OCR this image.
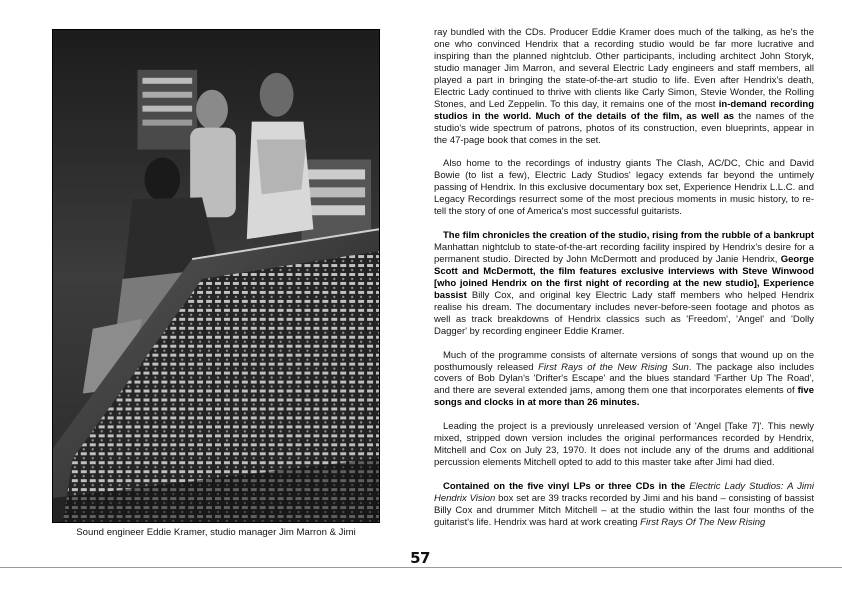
Sound engineer Eddie Kramer, studio manager Jim Marron & Jimi

ray bundled with the CDs. Producer Eddie Kramer does much of the talking, as he's the one who convinced Hendrix that a recording studio would be far more lucrative and inspiring than the planned nightclub. Other participants, including architect John Storyk, studio manager Jim Marron, and several Electric Lady engineers and staff members, all played a part in bringing the state-of-the-art studio to life. Even after Hendrix's death, Electric Lady continued to thrive with clients like Carly Simon, Stevie Wonder, the Rolling Stones, and Led Zeppelin. To this day, it remains one of the most in-demand recording studios in the world. Much of the details of the film, as well as the names of the studio's wide spectrum of patrons, photos of its construction, even blueprints, appear in the 47-page book that comes in the set.

Also home to the recordings of industry giants The Clash, AC/DC, Chic and David Bowie (to list a few), Electric Lady Studios' legacy extends far beyond the untimely passing of Hendrix. In this exclusive documentary box set, Experience Hendrix L.L.C. and Legacy Recordings resurrect some of the most precious moments in music history, to re-tell the story of one of America's most successful guitarists.

The film chronicles the creation of the studio, rising from the rubble of a bankrupt Manhattan nightclub to state-of-the-art recording facility inspired by Hendrix's desire for a permanent studio. Directed by John McDermott and produced by Janie Hendrix, George Scott and McDermott, the film features exclusive interviews with Steve Winwood [who joined Hendrix on the first night of recording at the new studio], Experience bassist Billy Cox, and original key Electric Lady staff members who helped Hendrix realise his dream. The documentary includes never-before-seen footage and photos as well as track breakdowns of Hendrix classics such as 'Freedom', 'Angel' and 'Dolly Dagger' by recording engineer Eddie Kramer.

Much of the programme consists of alternate versions of songs that wound up on the posthumously released First Rays of the New Rising Sun. The package also includes covers of Bob Dylan's 'Drifter's Escape' and the blues standard 'Farther Up The Road', and there are several extended jams, among them one that incorporates elements of five songs and clocks in at more than 26 minutes.

Leading the project is a previously unreleased version of 'Angel [Take 7]'. This newly mixed, stripped down version includes the original performances recorded by Hendrix, Mitchell and Cox on July 23, 1970. It does not include any of the drums and additional percussion elements Mitchell opted to add to this master take after Jimi had died.

Contained on the five vinyl LPs or three CDs in the Electric Lady Studios: A Jimi Hendrix Vision box set are 39 tracks recorded by Jimi and his band – consisting of bassist Billy Cox and drummer Mitch Mitchell – at the studio within the last four months of the guitarist's life. Hendrix was hard at work creating First Rays Of The New Rising

57
